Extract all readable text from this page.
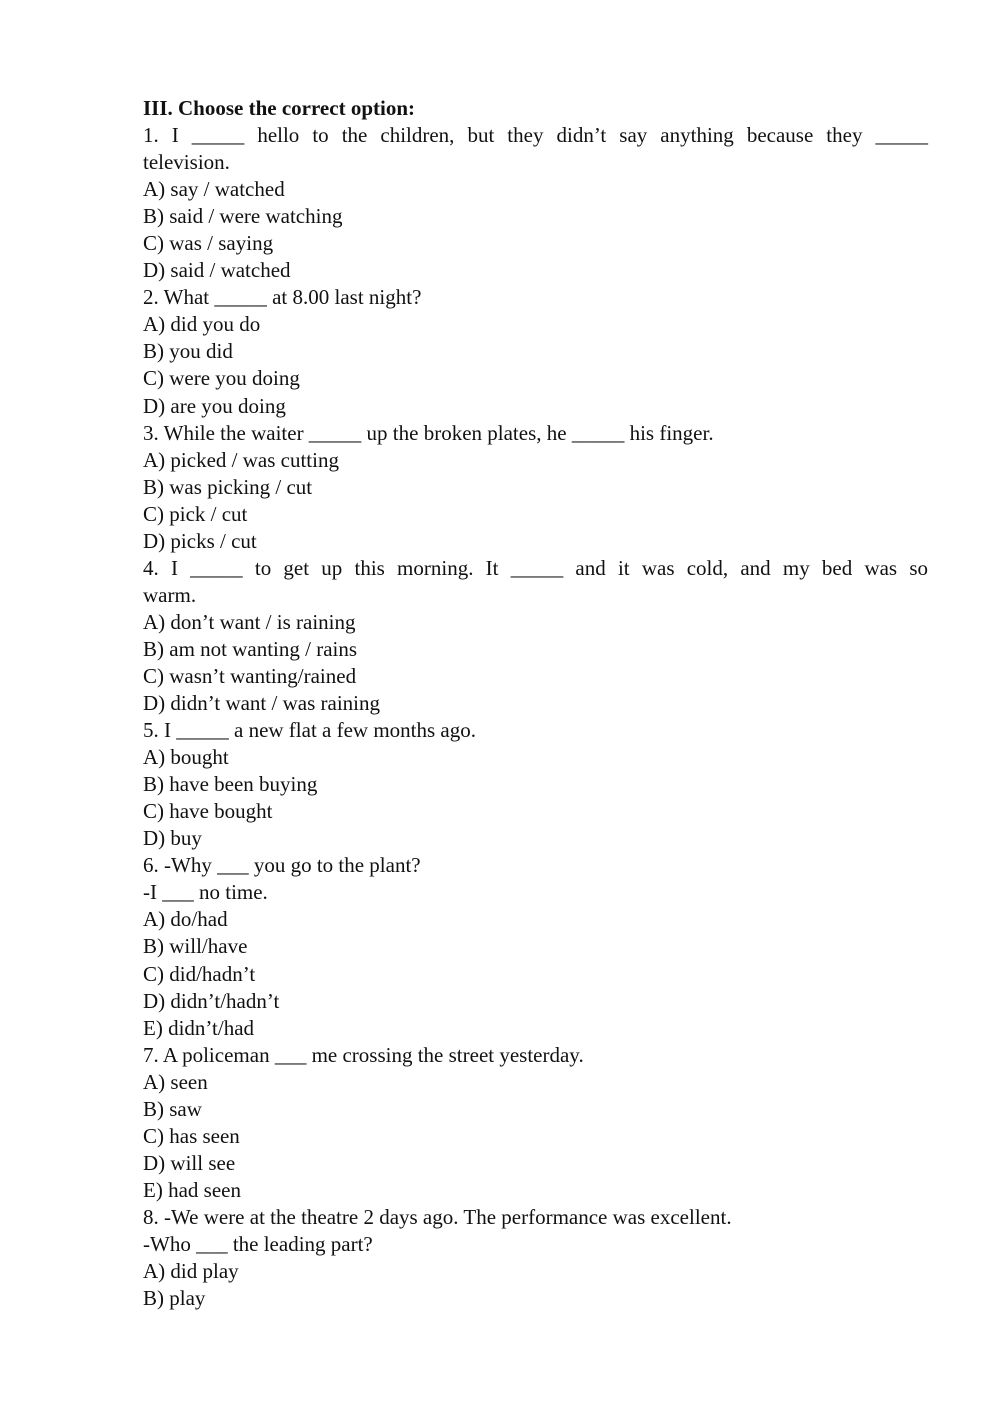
III. Choose the correct option:
1. I _____ hello to the children, but they didn’t say anything because they _____
television.
A) say / watched
B) said / were watching
C) was / saying
D) said / watched
2. What _____ at 8.00 last night?
A) did you do
B) you did
C) were you doing
D) are you doing
3. While the waiter _____ up the broken plates, he _____ his finger.
A) picked / was cutting
B) was picking / cut
C) pick / cut
D) picks / cut
4. I _____ to get up this morning. It _____ and it was cold, and my bed was so
warm.
A) don’t want / is raining
B) am not wanting / rains
C) wasn’t wanting/rained
D) didn’t want / was raining
5. I _____ a new flat a few months ago.
A) bought
B) have been buying
C) have bought
D) buy
6. -Why ___ you go to the plant?
-I ___ no time.
A) do/had
B) will/have
C) did/hadn’t
D) didn’t/hadn’t
E) didn’t/had
7. A policeman ___ me crossing the street yesterday.
A) seen
B) saw
C) has seen
D) will see
E) had seen
8. -We were at the theatre 2 days ago. The performance was excellent.
-Who ___ the leading part?
A) did play
B) play
